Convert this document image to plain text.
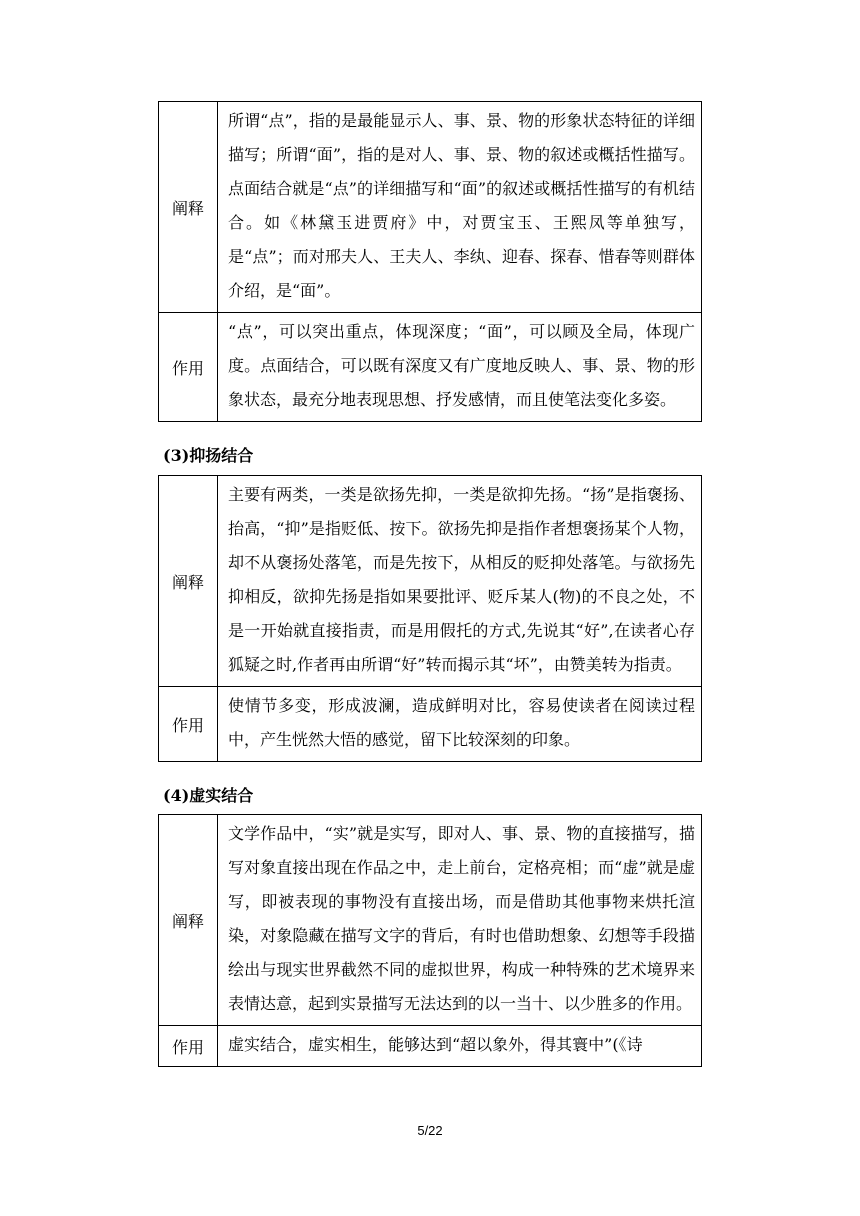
阐释	所谓“点”，指的是最能显示人、事、景、物的形象状态特征的详细描写；所谓“面”，指的是对人、事、景、物的叙述或概括性描写。点面结合就是“点”的详细描写和“面”的叙述或概括性描写的有机结合。如《林黛玉进贾府》中，对贾宝玉、王熙凤等单独写，是“点”；而对邢夫人、王夫人、李纨、迎春、探春、惜春等则群体介绍，是“面”。
作用	“点”，可以突出重点，体现深度；“面”，可以顾及全局，体现广度。点面结合，可以既有深度又有广度地反映人、事、景、物的形象状态，最充分地表现思想、抒发感情，而且使笔法变化多姿。
(3)抑扬结合
阐释	主要有两类，一类是欲扬先抑，一类是欲抑先扬。“扬”是指褒扬、抬高，“抑”是指贬低、按下。欲扬先抑是指作者想褒扬某个人物，却不从褒扬处落笔，而是先按下，从相反的贬抑处落笔。与欲扬先抑相反，欲抑先扬是指如果要批评、贬斥某人(物)的不良之处，不是一开始就直接指责，而是用假托的方式,先说其“好”,在读者心存狐疑之时,作者再由所谓“好”转而揭示其“坏”，由赞美转为指责。
作用	使情节多变，形成波澜，造成鲜明对比，容易使读者在阅读过程中，产生恍然大悟的感觉，留下比较深刻的印象。
(4)虚实结合
阐释	文学作品中，“实”就是实写，即对人、事、景、物的直接描写，描写对象直接出现在作品之中，走上前台，定格亮相；而“虚”就是虚写，即被表现的事物没有直接出场，而是借助其他事物来烘托渲染，对象隐藏在描写文字的背后，有时也借助想象、幻想等手段描绘出与现实世界截然不同的虚拟世界，构成一种特殊的艺术境界来表情达意，起到实景描写无法达到的以一当十、以少胜多的作用。
作用	虚实结合，虚实相生，能够达到“超以象外，得其寰中”(《诗
5/22
